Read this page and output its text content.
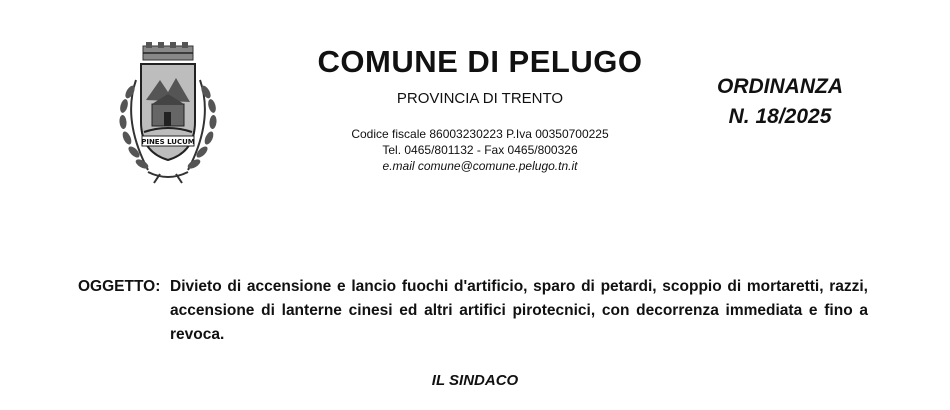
PINES LUCUM
COMUNE DI PELUGO
PROVINCIA DI TRENTO
Codice fiscale 86003230223 P.Iva 00350700225
Tel. 0465/801132 - Fax 0465/800326
e.mail comune@comune.pelugo.tn.it
ORDINANZA
N. 18/2025
OGGETTO: Divieto di accensione e lancio fuochi d'artificio, sparo di petardi, scoppio di mortaretti, razzi, accensione di lanterne cinesi ed altri artifici pirotecnici, con decorrenza immediata e fino a revoca.
IL SINDACO
